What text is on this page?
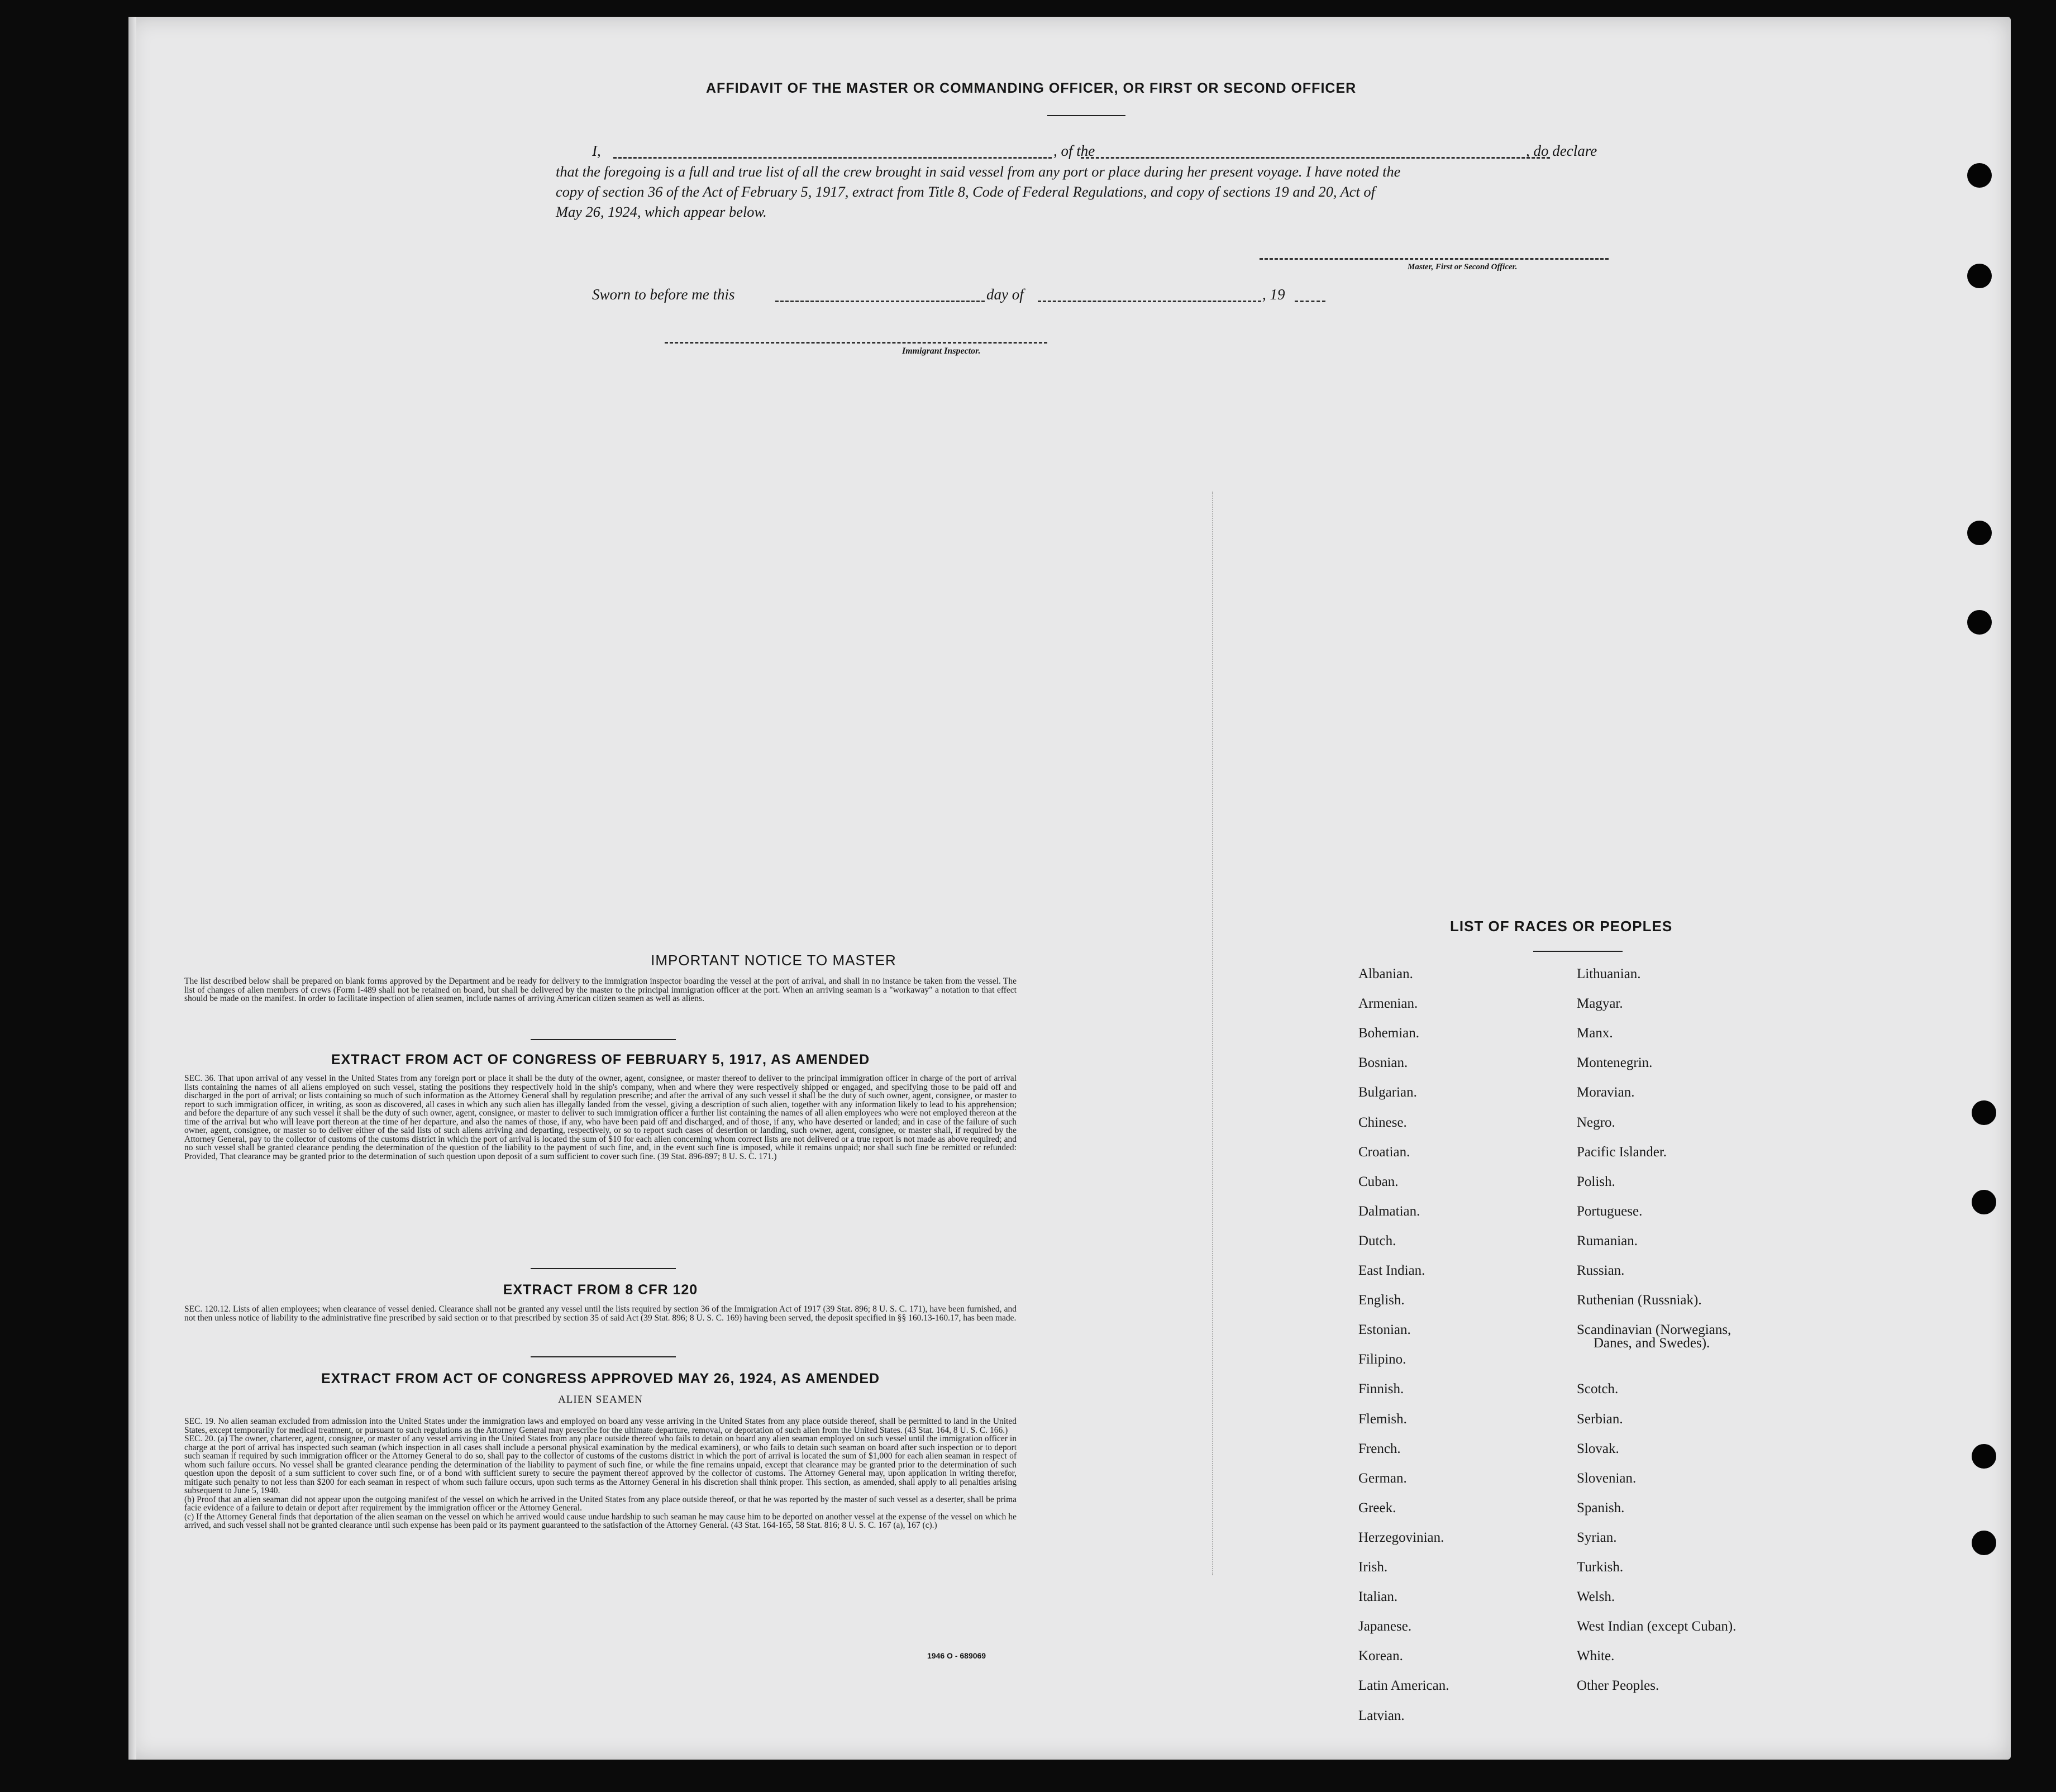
AFFIDAVIT OF THE MASTER OR COMMANDING OFFICER, OR FIRST OR SECOND OFFICER
I,	, of the	, do declare
that the foregoing is a full and true list of all the crew brought in said vessel from any port or place during her present voyage. I have noted the
copy of section 36 of the Act of February 5, 1917, extract from Title 8, Code of Federal Regulations, and copy of sections 19 and 20, Act of
May 26, 1924, which appear below.
Master, First or Second Officer.
Sworn to before me this	day of	, 19
Immigrant Inspector.
IMPORTANT NOTICE TO MASTER
The list described below shall be prepared on blank forms approved by the Department and be ready for delivery to the immigration inspector boarding the vessel at the port of arrival, and shall in no instance be taken from the vessel. The list of changes of alien members of crews (Form I-489 shall not be retained on board, but shall be delivered by the master to the principal immigration officer at the port. When an arriving seaman is a "workaway" a notation to that effect should be made on the manifest. In order to facilitate inspection of alien seamen, include names of arriving American citizen seamen as well as aliens.
EXTRACT FROM ACT OF CONGRESS OF FEBRUARY 5, 1917, AS AMENDED
SEC. 36. That upon arrival of any vessel in the United States from any foreign port or place it shall be the duty of the owner, agent, consignee, or master thereof to deliver to the principal immigration officer in charge of the port of arrival lists containing the names of all aliens employed on such vessel, stating the positions they respectively hold in the ship's company, when and where they were respectively shipped or engaged, and specifying those to be paid off and discharged in the port of arrival; or lists containing so much of such information as the Attorney General shall by regulation prescribe; and after the arrival of any such vessel it shall be the duty of such owner, agent, consignee, or master to report to such immigration officer, in writing, as soon as discovered, all cases in which any such alien has illegally landed from the vessel, giving a description of such alien, together with any information likely to lead to his apprehension; and before the departure of any such vessel it shall be the duty of such owner, agent, consignee, or master to deliver to such immigration officer a further list containing the names of all alien employees who were not employed thereon at the time of the arrival but who will leave port thereon at the time of her departure, and also the names of those, if any, who have been paid off and discharged, and of those, if any, who have deserted or landed; and in case of the failure of such owner, agent, consignee, or master so to deliver either of the said lists of such aliens arriving and departing, respectively, or so to report such cases of desertion or landing, such owner, agent, consignee, or master shall, if required by the Attorney General, pay to the collector of customs of the customs district in which the port of arrival is located the sum of $10 for each alien concerning whom correct lists are not delivered or a true report is not made as above required; and no such vessel shall be granted clearance pending the determination of the question of the liability to the payment of such fine, and, in the event such fine is imposed, while it remains unpaid; nor shall such fine be remitted or refunded: Provided, That clearance may be granted prior to the determination of such question upon deposit of a sum sufficient to cover such fine. (39 Stat. 896-897; 8 U. S. C. 171.)
EXTRACT FROM 8 CFR 120
SEC. 120.12. Lists of alien employees; when clearance of vessel denied. Clearance shall not be granted any vessel until the lists required by section 36 of the Immigration Act of 1917 (39 Stat. 896; 8 U. S. C. 171), have been furnished, and not then unless notice of liability to the administrative fine prescribed by said section or to that prescribed by section 35 of said Act (39 Stat. 896; 8 U. S. C. 169) having been served, the deposit specified in §§ 160.13-160.17, has been made.
EXTRACT FROM ACT OF CONGRESS APPROVED MAY 26, 1924, AS AMENDED
ALIEN SEAMEN
SEC. 19. No alien seaman excluded from admission into the United States under the immigration laws and employed on board any vesse arriving in the United States from any place outside thereof, shall be permitted to land in the United States, except temporarily for medical treatment, or pursuant to such regulations as the Attorney General may prescribe for the ultimate departure, removal, or deportation of such alien from the United States. (43 Stat. 164, 8 U. S. C. 166.)
SEC. 20. (a) The owner, charterer, agent, consignee, or master of any vessel arriving in the United States from any place outside thereof who fails to detain on board any alien seaman employed on such vessel until the immigration officer in charge at the port of arrival has inspected such seaman (which inspection in all cases shall include a personal physical examination by the medical examiners), or who fails to detain such seaman on board after such inspection or to deport such seaman if required by such immigration officer or the Attorney General to do so, shall pay to the collector of customs of the customs district in which the port of arrival is located the sum of $1,000 for each alien seaman in respect of whom such failure occurs. No vessel shall be granted clearance pending the determination of the liability to payment of such fine, or while the fine remains unpaid, except that clearance may be granted prior to the determination of such question upon the deposit of a sum sufficient to cover such fine, or of a bond with sufficient surety to secure the payment thereof approved by the collector of customs. The Attorney General may, upon application in writing therefor, mitigate such penalty to not less than $200 for each seaman in respect of whom such failure occurs, upon such terms as the Attorney General in his discretion shall think proper. This section, as amended, shall apply to all penalties arising subsequent to June 5, 1940.
(b) Proof that an alien seaman did not appear upon the outgoing manifest of the vessel on which he arrived in the United States from any place outside thereof, or that he was reported by the master of such vessel as a deserter, shall be prima facie evidence of a failure to detain or deport after requirement by the immigration officer or the Attorney General.
(c) If the Attorney General finds that deportation of the alien seaman on the vessel on which he arrived would cause undue hardship to such seaman he may cause him to be deported on another vessel at the expense of the vessel on which he arrived, and such vessel shall not be granted clearance until such expense has been paid or its payment guaranteed to the satisfaction of the Attorney General. (43 Stat. 164-165, 58 Stat. 816; 8 U. S. C. 167 (a), 167 (c).)
1946 O - 689069
LIST OF RACES OR PEOPLES
Albanian.
Armenian.
Bohemian.
Bosnian.
Bulgarian.
Chinese.
Croatian.
Cuban.
Dalmatian.
Dutch.
East Indian.
English.
Estonian.
Filipino.
Finnish.
Flemish.
French.
German.
Greek.
Herzegovinian.
Irish.
Italian.
Japanese.
Korean.
Latin American.
Latvian.
Lithuanian.
Magyar.
Manx.
Montenegrin.
Moravian.
Negro.
Pacific Islander.
Polish.
Portuguese.
Rumanian.
Russian.
Ruthenian (Russniak).
Scandinavian (Norwegians,
Scotch.
Serbian.
Slovak.
Slovenian.
Spanish.
Syrian.
Turkish.
Welsh.
West Indian (except Cuban).
White.
Other Peoples.
Danes, and Swedes).
